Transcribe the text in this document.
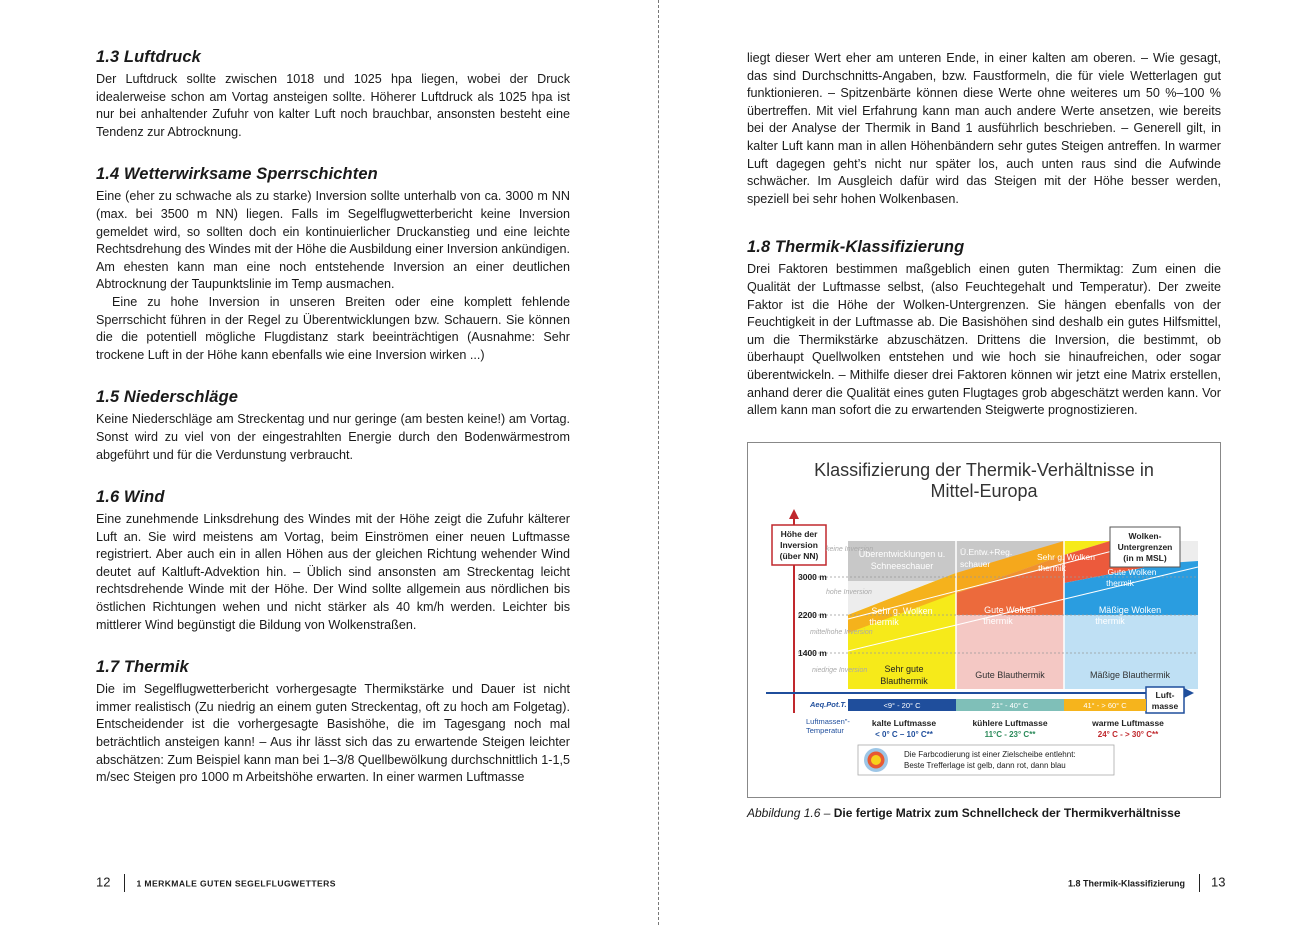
1.3 Luftdruck

Der Luftdruck sollte zwischen 1018 und 1025 hpa liegen, wobei der Druck idealerweise schon am Vortag ansteigen sollte. Höherer Luftdruck als 1025 hpa ist nur bei anhaltender Zufuhr von kalter Luft noch brauchbar, ansonsten besteht eine Tendenz zur Abtrocknung.

1.4 Wetterwirksame Sperrschichten

Eine (eher zu schwache als zu starke) Inversion sollte unterhalb von ca. 3000 m NN (max. bei 3500 m NN) liegen. Falls im Segelflugwetterbericht keine Inversion gemeldet wird, so sollten doch ein kontinuierlicher Druckanstieg und eine leichte Rechtsdrehung des Windes mit der Höhe die Ausbildung einer Inversion ankündigen. Am ehesten kann man eine noch entstehende Inversion an einer deutlichen Abtrocknung der Taupunktslinie im Temp ausmachen.

Eine zu hohe Inversion in unseren Breiten oder eine komplett fehlende Sperrschicht führen in der Regel zu Überentwicklungen bzw. Schauern. Sie können die die potentiell mögliche Flugdistanz stark beeinträchtigen (Ausnahme: Sehr trockene Luft in der Höhe kann ebenfalls wie eine Inversion wirken ...)

1.5 Niederschläge

Keine Niederschläge am Streckentag und nur geringe (am besten keine!) am Vortag. Sonst wird zu viel von der eingestrahlten Energie durch den Bodenwärmestrom abgeführt und für die Verdunstung verbraucht.

1.6 Wind

Eine zunehmende Linksdrehung des Windes mit der Höhe zeigt die Zufuhr kälterer Luft an. Sie wird meistens am Vortag, beim Einströmen einer neuen Luftmasse registriert. Aber auch ein in allen Höhen aus der gleichen Richtung wehender Wind deutet auf Kaltluft-Advektion hin. – Üblich sind ansonsten am Streckentag leicht rechtsdrehende Winde mit der Höhe. Der Wind sollte allgemein aus nördlichen bis östlichen Richtungen wehen und nicht stärker als 40 km/h werden. Leichter bis mittlerer Wind begünstigt die Bildung von Wolkenstraßen.

1.7 Thermik

Die im Segelflugwetterbericht vorhergesagte Thermikstärke und Dauer ist nicht immer realistisch (Zu niedrig an einem guten Streckentag, oft zu hoch am Folgetag). Entscheidender ist die vorhergesagte Basishöhe, die im Tagesgang noch mal beträchtlich ansteigen kann! – Aus ihr lässt sich das zu erwartende Steigen leichter abschätzen: Zum Beispiel kann man bei 1–3/8 Quellbewölkung durchschnittlich 1-1,5 m/sec Steigen pro 1000 m Arbeitshöhe erwarten. In einer warmen Luftmasse

12	1 MERKMALE GUTEN SEGELFLUGWETTERS

liegt dieser Wert eher am unteren Ende, in einer kalten am oberen. – Wie gesagt, das sind Durchschnitts-Angaben, bzw. Faustformeln, die für viele Wetterlagen gut funktionieren. – Spitzenbärte können diese Werte ohne weiteres um 50 %–100 % übertreffen. Mit viel Erfahrung kann man auch andere Werte ansetzen, wie bereits bei der Analyse der Thermik in Band 1 ausführlich beschrieben. – Generell gilt, in kalter Luft kann man in allen Höhenbändern sehr gutes Steigen antreffen. In warmer Luft dagegen geht’s nicht nur später los, auch unten raus sind die Aufwinde schwächer. Im Ausgleich dafür wird das Steigen mit der Höhe besser werden, speziell bei sehr hohen Wolkenbasen.

1.8 Thermik-Klassifizierung

Drei Faktoren bestimmen maßgeblich einen guten Thermiktag: Zum einen die Qualität der Luftmasse selbst, (also Feuchtegehalt und Temperatur). Der zweite Faktor ist die Höhe der Wolken-Untergrenzen. Sie hängen ebenfalls von der Feuchtigkeit in der Luftmasse ab. Die Basishöhen sind deshalb ein gutes Hilfsmittel, um die Thermikstärke abzuschätzen. Drittens die Inversion, die bestimmt, ob überhaupt Quellwolken entstehen und wie hoch sie hinaufreichen, oder sogar überentwickeln. – Mithilfe dieser drei Faktoren können wir jetzt eine Matrix erstellen, anhand derer die Qualität eines guten Flugtages grob abgeschätzt werden kann. Vor allem kann man sofort die zu erwartenden Steigwerte prognostizieren.

Klassifizierung der Thermik-Verhältnisse in
Mittel-Europa
Überentwicklungen u.
Schneeschauer
Ü.Entw.+Reg.
schauer
Sehr g. Wolken
thermik	Gute Wolken
thermik
Sehr g. Wolken
thermik
Gute Wolken
thermik
Mäßige Wolken
thermik
Sehr gute
Blauthermik
Gute Blauthermik	Mäßige Blauthermik
Höhe der
Inversion
(über NN)
keine Inversion
3000 m
hohe Inversion
2200 m
mittelhohe Inversion
1400 m
niedrige Inversion
Wolken-
Untergrenzen
(in m MSL)
Luft-
masse
Aeq.Pot.T.	<9° - 20° C	21° - 40° C	41° - > 60° C
Luftmassen"-
Temperatur
kalte Luftmasse	kühlere Luftmasse	warme Luftmasse
< 0° C – 10° C**	11°C - 23° C**	24° C - > 30° C**
Die Farbcodierung ist einer Zielscheibe entlehnt:
Beste Trefferlage ist gelb, dann rot, dann blau
Abbildung 1.6 – Die fertige Matrix zum Schnellcheck der Thermikverhältnisse
1.8 Thermik-Klassifizierung 13
